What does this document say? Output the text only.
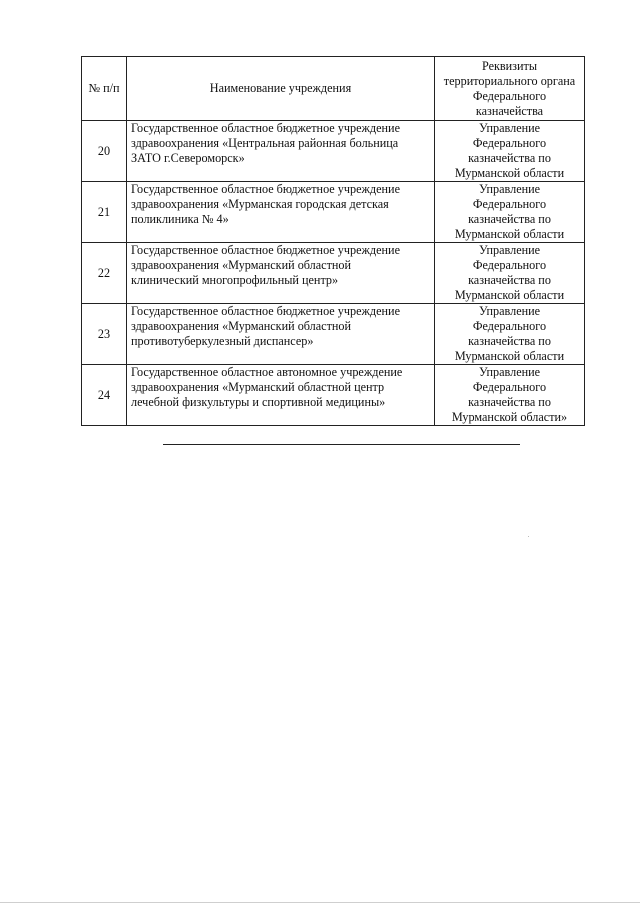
№ п/п	Наименование учреждения	Реквизиты
территориального органа
Федерального
казначейства

20	Государственное областное бюджетное учреждение
здравоохранения «Центральная районная больница
ЗАТО г.Североморск»	Управление
Федерального
казначейства по
Мурманской области

21	Государственное областное бюджетное учреждение
здравоохранения «Мурманская городская детская
поликлиника № 4»	Управление
Федерального
казначейства по
Мурманской области

22	Государственное областное бюджетное учреждение
здравоохранения «Мурманский областной
клинический многопрофильный центр»	Управление
Федерального
казначейства по
Мурманской области

23	Государственное областное бюджетное учреждение
здравоохранения «Мурманский областной
противотуберкулезный диспансер»	Управление
Федерального
казначейства по
Мурманской области

24	Государственное областное автономное учреждение
здравоохранения «Мурманский областной центр
лечебной физкультуры и спортивной медицины»	Управление
Федерального
казначейства по
Мурманской области»
